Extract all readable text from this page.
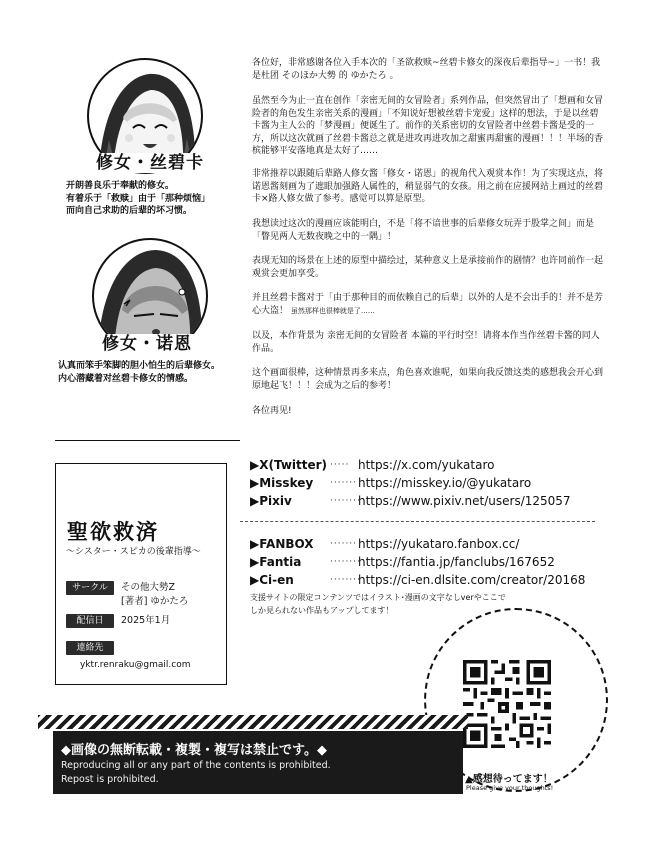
修女・丝碧卡
开朗善良乐于奉献的修女。
有着乐于「救赎」由于「那种烦恼」
而向自己求助的后辈的坏习惯。
修女・诺恩
认真而笨手笨脚的胆小怕生的后辈修女。
内心潜藏着对丝碧卡修女的情感。

各位好，非常感谢各位入手本次的「圣欲救赎~丝碧卡修女的深夜后辈指导~」一书！我是杜团 そのほか大勢 的 ゆかたろ 。

虽然至今为止一直在创作「亲密无间的女冒险者」系列作品，但突然冒出了「想画和女冒险者的角色发生亲密关系的漫画」「不知说好想被丝碧卡宠爱」这样的想法，于是以丝碧卡酱为主人公的「梦漫画」便诞生了。前作的关系密切的女冒险者中丝碧卡酱是受的一方，所以这次就画了丝碧卡酱总之就是进攻再进攻加之甜蜜再甜蜜的漫画！！！半场的香槟能够平安落地真是太好了……

非常推荐以跟随后辈路人修女酱「修女・诺恩」的视角代入观赏本作！为了实现这点，将诺恩酱刻画为了遮眼加强路人属性的，稍显弱气的女孩。用之前在应援网站上画过的丝碧卡×路人修女做了参考。感觉可以算是原型。

我想读过这次的漫画应该能明白，不是「将不谙世事的后辈修女玩弄于股掌之间」而是「瞥见两人无数夜晚之中的一隅」！

表现无知的场景在上述的原型中描绘过，某种意义上是承接前作的剧情？也许同前作一起观赏会更加享受。

并且丝碧卡酱对于「由于那种目的而依赖自己的后辈」以外的人是不会出手的！并不是芳心大盗！ 虽然那样也很棒就是了……

以及，本作背景为 亲密无间的女冒险者 本篇的平行时空！请将本作当作丝碧卡酱的同人作品。

这个画面很棒，这种情景再多来点，角色喜欢谁呢，如果向我反馈这类的感想我会开心到原地起飞！！！会成为之后的参考！

各位再见!

聖欲救済
〜シスター・スピカの後輩指導〜
サークル	その他大勢Z
[著者] ゆかたろ
配信日	2025年1月
連絡先
yktr.renraku@gmail.com
▶X(Twitter) ····· https://x.com/yukataro
▶Misskey ······· https://misskey.io/@yukataro
▶Pixiv	········
https://www.pixiv.net/users/125057
▶FANBOX ······· https://yukataro.fanbox.cc/
▶Fantia	········
https://fantia.jp/fanclubs/167652
▶Ci-en	········
https://ci-en.dlsite.com/creator/20168
支援サイトの限定コンテンツではイラスト･漫画の文字なしverやここでしか見られない作品もアップしてます！
▲感想待ってます！
Please give your thoughts!
◆画像の無断転載・複製・複写は禁止です。◆
Reproducing all or any part of the contents is prohibited.
Repost is prohibited.
